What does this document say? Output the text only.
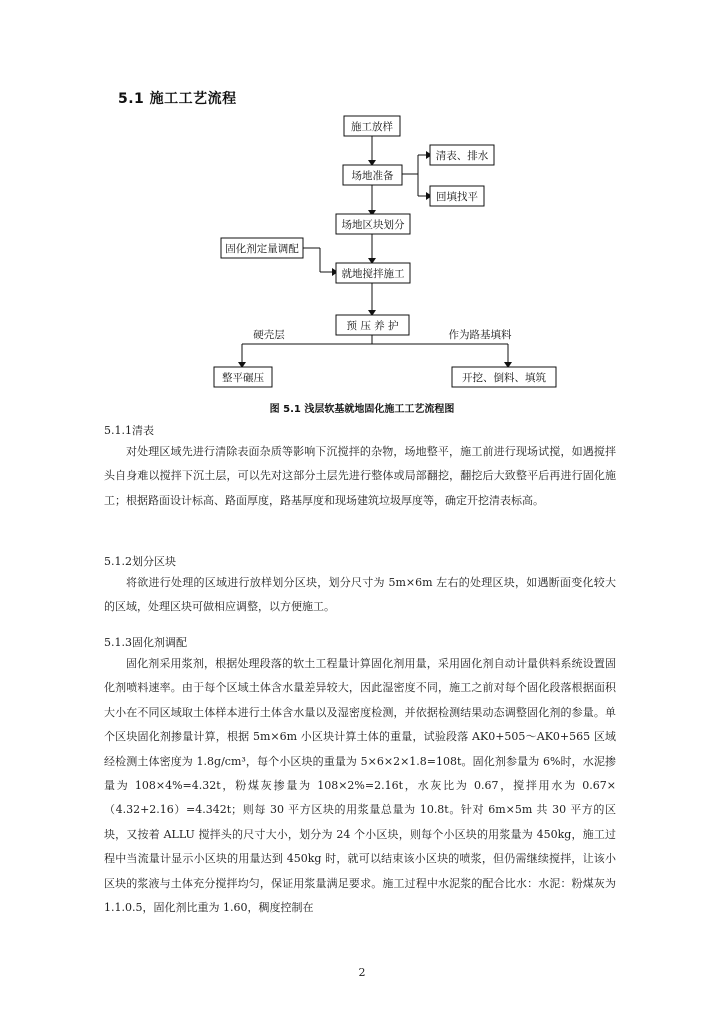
5.1 施工工艺流程
施工放样
场地准备
场地区块划分
就地搅拌施工
预 压 养 护
清表、排水
回填找平
固化剂定量调配
整平碾压	开挖、倒料、填筑
硬壳层	作为路基填料
图 5.1 浅层软基就地固化施工工艺流程图
5.1.1清表

对处理区域先进行清除表面杂质等影响下沉搅拌的杂物，场地整平，施工前进行现场试搅，如遇搅拌头自身难以搅拌下沉土层，可以先对这部分土层先进行整体或局部翻挖，翻挖后大致整平后再进行固化施工；根据路面设计标高、路面厚度，路基厚度和现场建筑垃圾厚度等，确定开挖清表标高。

5.1.2划分区块

将欲进行处理的区域进行放样划分区块，划分尺寸为 5m×6m 左右的处理区块，如遇断面变化较大的区域，处理区块可做相应调整，以方便施工。

5.1.3固化剂调配

固化剂采用浆剂，根据处理段落的软土工程量计算固化剂用量，采用固化剂自动计量供料系统设置固化剂喷料速率。由于每个区域土体含水量差异较大，因此湿密度不同，施工之前对每个固化段落根据面积大小在不同区域取土体样本进行土体含水量以及湿密度检测，并依据检测结果动态调整固化剂的参量。单个区块固化剂掺量计算，根据 5m×6m 小区块计算土体的重量，试验段落 AK0+505～AK0+565 区域经检测土体密度为 1.8g/cm³，每个小区块的重量为 5×6×2×1.8=108t。固化剂参量为 6%时，水泥掺量为 108×4%=4.32t，粉煤灰掺量为 108×2%=2.16t，水灰比为 0.67，搅拌用水为 0.67×（4.32+2.16）=4.342t；则每 30 平方区块的用浆量总量为 10.8t。针对 6m×5m 共 30 平方的区块，又按着 ALLU 搅拌头的尺寸大小，划分为 24 个小区块，则每个小区块的用浆量为 450kg，施工过程中当流量计显示小区块的用量达到 450kg 时，就可以结束该小区块的喷浆，但仍需继续搅拌，让该小区块的浆液与土体充分搅拌均匀，保证用浆量满足要求。施工过程中水泥浆的配合比水：水泥：粉煤灰为 1.1.0.5，固化剂比重为 1.60，稠度控制在

2
